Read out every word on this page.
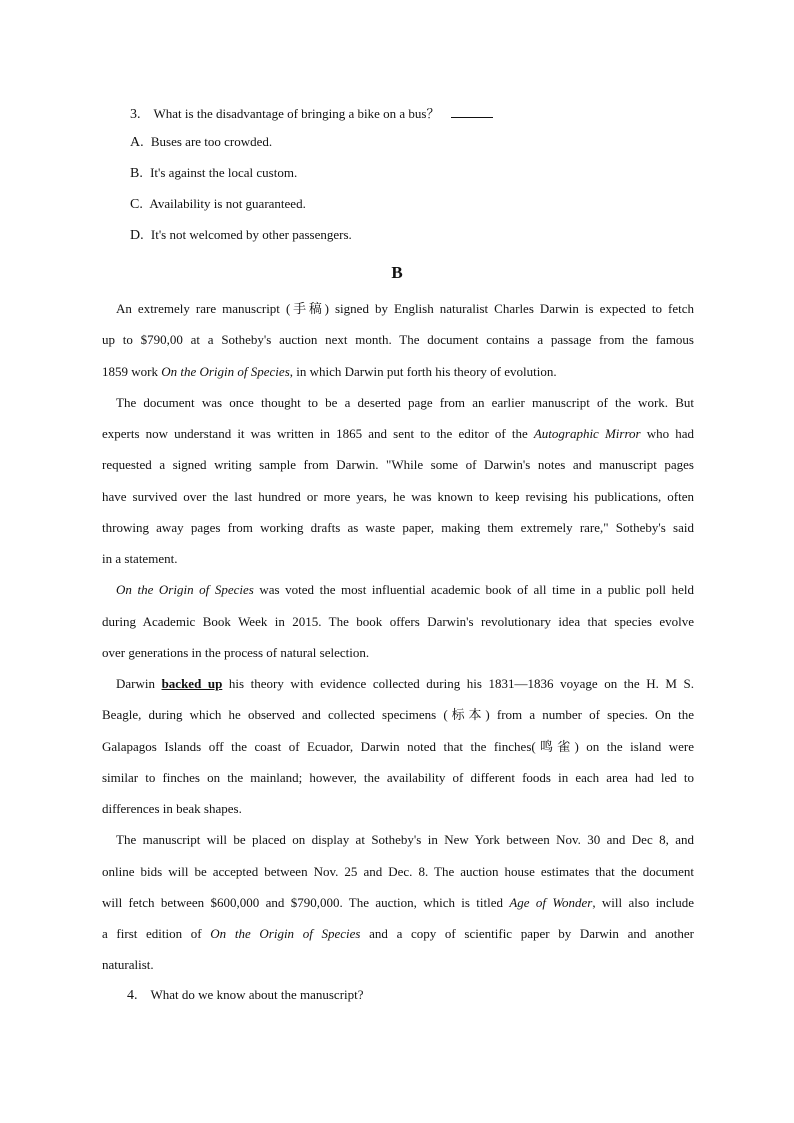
3. What is the disadvantage of bringing a bike on a bus？
A. Buses are too crowded.
B. It's against the local custom.
C. Availability is not guaranteed.
D. It's not welcomed by other passengers.
B
An extremely rare manuscript (手稿) signed by English naturalist Charles Darwin is expected to fetch
up to $790,00 at a Sotheby's auction next month. The document contains a passage from the famous
1859 work On the Origin of Species, in which Darwin put forth his theory of evolution.
The document was once thought to be a deserted page from an earlier manuscript of the work. But
experts now understand it was written in 1865 and sent to the editor of the Autographic Mirror who had
requested a signed writing sample from Darwin. "While some of Darwin's notes and manuscript pages
have survived over the last hundred or more years, he was known to keep revising his publications, often
throwing away pages from working drafts as waste paper, making them extremely rare," Sotheby's said
in a statement.
On the Origin of Species was voted the most influential academic book of all time in a public poll held
during Academic Book Week in 2015. The book offers Darwin's revolutionary idea that species evolve
over generations in the process of natural selection.
Darwin backed up his theory with evidence collected during his 1831—1836 voyage on the H. M S.
Beagle, during which he observed and collected specimens (标本) from a number of species. On the
Galapagos Islands off the coast of Ecuador, Darwin noted that the finches(鸣雀) on the island were
similar to finches on the mainland; however, the availability of different foods in each area had led to
differences in beak shapes.
The manuscript will be placed on display at Sotheby's in New York between Nov. 30 and Dec 8, and
online bids will be accepted between Nov. 25 and Dec. 8. The auction house estimates that the document
will fetch between $600,000 and $790,000. The auction, which is titled Age of Wonder, will also include
a first edition of On the Origin of Species and a copy of scientific paper by Darwin and another
naturalist.
4. What do we know about the manuscript?
